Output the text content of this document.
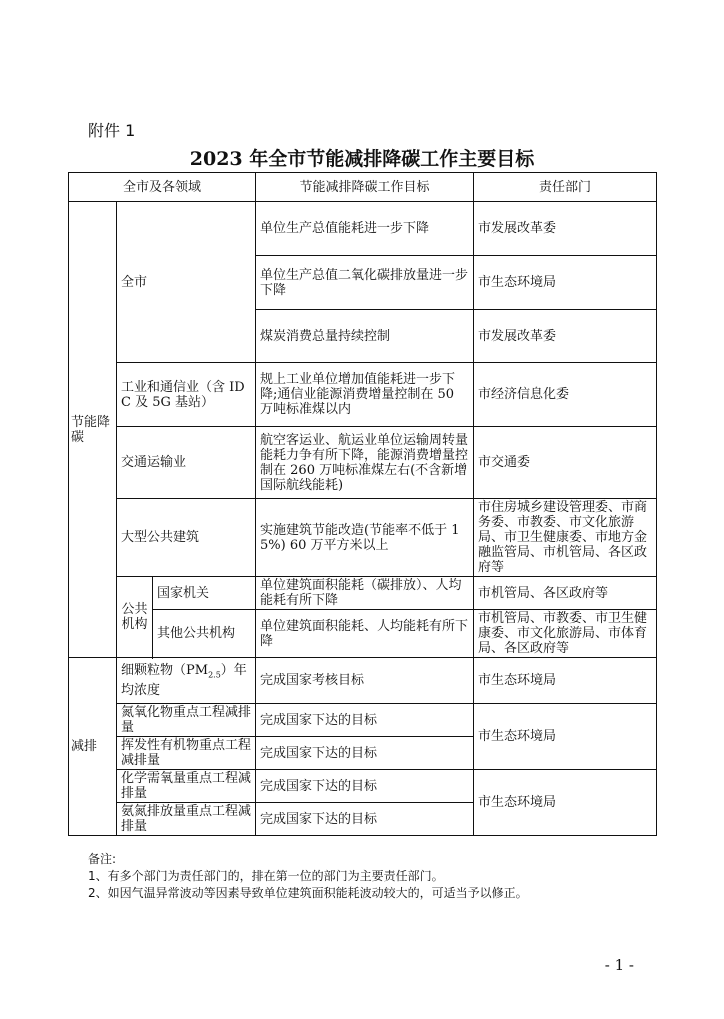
附件 1
2023 年全市节能减排降碳工作主要目标
全市及各领域			节能减排降碳工作目标	责任部门
节能降碳	全市		单位生产总值能耗进一步下降	市发展改革委
			单位生产总值二氧化碳排放量进一步下降	市生态环境局
			煤炭消费总量持续控制	市发展改革委
	工业和通信业（含 IDC 及 5G 基站）		规上工业单位增加值能耗进一步下降;通信业能源消费增量控制在 50 万吨标准煤以内	市经济信息化委
	交通运输业		航空客运业、航运业单位运输周转量能耗力争有所下降，能源消费增量控制在 260 万吨标准煤左右(不含新增国际航线能耗)	市交通委
	大型公共建筑		实施建筑节能改造(节能率不低于 15%) 60 万平方米以上	市住房城乡建设管理委、市商务委、市教委、市文化旅游局、市卫生健康委、市地方金融监管局、市机管局、各区政府等
	公共机构	国家机关	单位建筑面积能耗（碳排放）、人均能耗有所下降	市机管局、各区政府等
		其他公共机构	单位建筑面积能耗、人均能耗有所下降	市机管局、市教委、市卫生健康委、市文化旅游局、市体育局、各区政府等

减排	细颗粒物$(PM_{2.5})$年均浓度		完成国家考核目标	市生态环境局
	氮氧化物重点工程减排量		完成国家下达的目标	市生态环境局
	挥发性有机物重点工程减排量		完成国家下达的目标	
	化学需氧量重点工程减排量		完成国家下达的目标	市生态环境局
	氨氮排放量重点工程减排量		完成国家下达的目标	
备注:
1、有多个部门为责任部门的，排在第一位的部门为主要责任部门。
2、如因气温异常波动等因素导致单位建筑面积能耗波动较大的，可适当予以修正。
- 1 -
